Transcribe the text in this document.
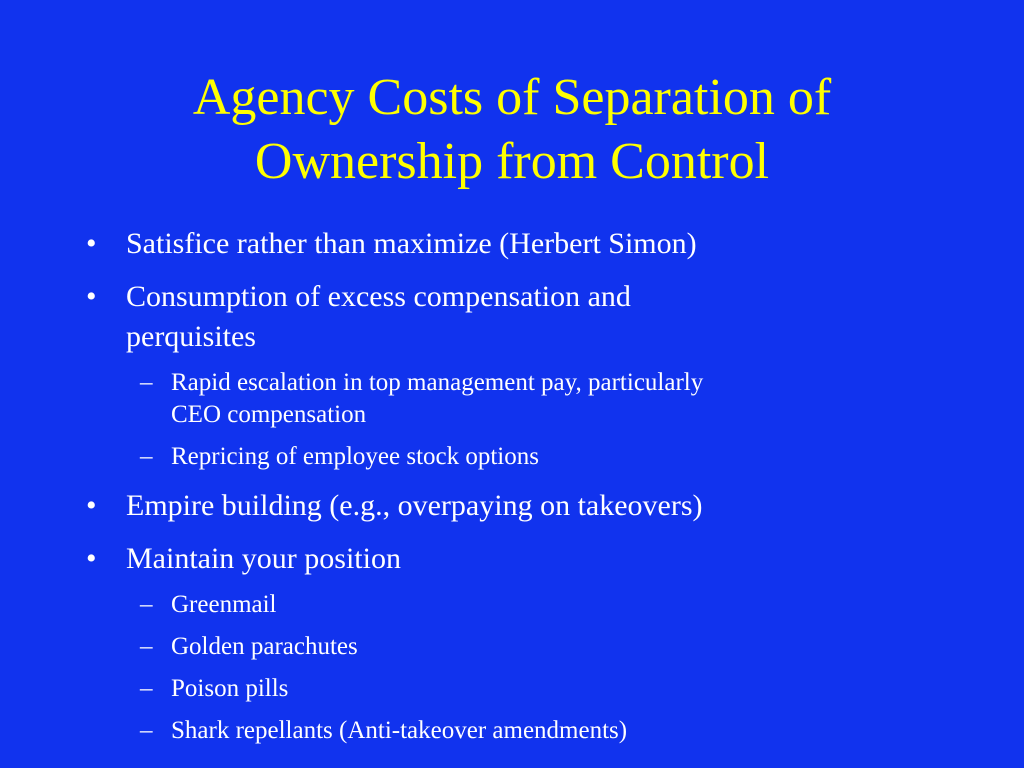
Agency Costs of Separation of
Ownership from Control
• Satisfice rather than maximize (Herbert Simon)
• Consumption of excess compensation and
perquisites
– Rapid escalation in top management pay, particularly
CEO compensation
– Repricing of employee stock options
• Empire building (e.g., overpaying on takeovers)
• Maintain your position
– Greenmail
– Golden parachutes
– Poison pills
– Shark repellants (Anti-takeover amendments)
